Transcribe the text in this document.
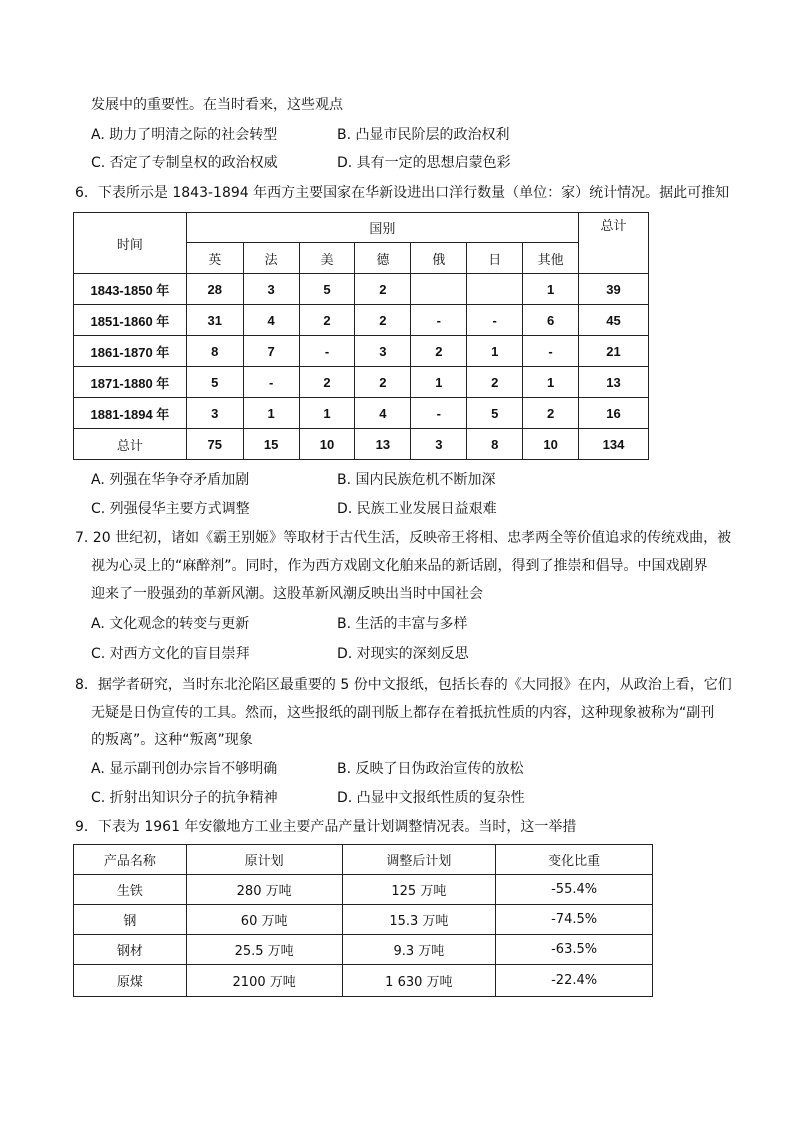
发展中的重要性。在当时看来，这些观点
A. 助力了明清之际的社会转型	B. 凸显市民阶层的政治权利
C. 否定了专制皇权的政治权威	D. 具有一定的思想启蒙色彩
6．下表所示是 1843-1894 年西方主要国家在华新设进出口洋行数量（单位：家）统计情况。据此可推知
时间	国别							总计
	英	法	美	德	俄	日	其他	
1843-1850 年	28	3	5	2			1	39
1851-1860 年	31	4	2	2	-	-	6	45
1861-1870 年	8	7	-	3	2	1	-	21
1871-1880 年	5	-	2	2	1	2	1	13
1881-1894 年	3	1	1	4	-	5	2	16
总计	75	15	10	13	3	8	10	134
A. 列强在华争夺矛盾加剧	B. 国内民族危机不断加深
C. 列强侵华主要方式调整	D. 民族工业发展日益艰难
7. 20 世纪初，诸如《霸王别姬》等取材于古代生活，反映帝王将相、忠孝两全等价值追求的传统戏曲，被
视为心灵上的“麻醉剂”。同时，作为西方戏剧文化舶来品的新话剧，得到了推崇和倡导。中国戏剧界
迎来了一股强劲的革新风潮。这股革新风潮反映出当时中国社会
A. 文化观念的转变与更新	B. 生活的丰富与多样
C. 对西方文化的盲目崇拜	D. 对现实的深刻反思
8．据学者研究，当时东北沦陷区最重要的 5 份中文报纸，包括长春的《大同报》在内，从政治上看，它们
无疑是日伪宣传的工具。然而，这些报纸的副刊版上都存在着抵抗性质的内容，这种现象被称为“副刊
的叛离”。这种“叛离”现象
A. 显示副刊创办宗旨不够明确	B. 反映了日伪政治宣传的放松
C. 折射出知识分子的抗争精神	D. 凸显中文报纸性质的复杂性
9．下表为 1961 年安徽地方工业主要产品产量计划调整情况表。当时，这一举措
产品名称	原计划	调整后计划	变化比重
生铁	280 万吨	125 万吨	-55.4%
钢	60 万吨	15.3 万吨	-74.5%
钢材	25.5 万吨	9.3 万吨	-63.5%
原煤	2100 万吨	1 630 万吨	-22.4%
